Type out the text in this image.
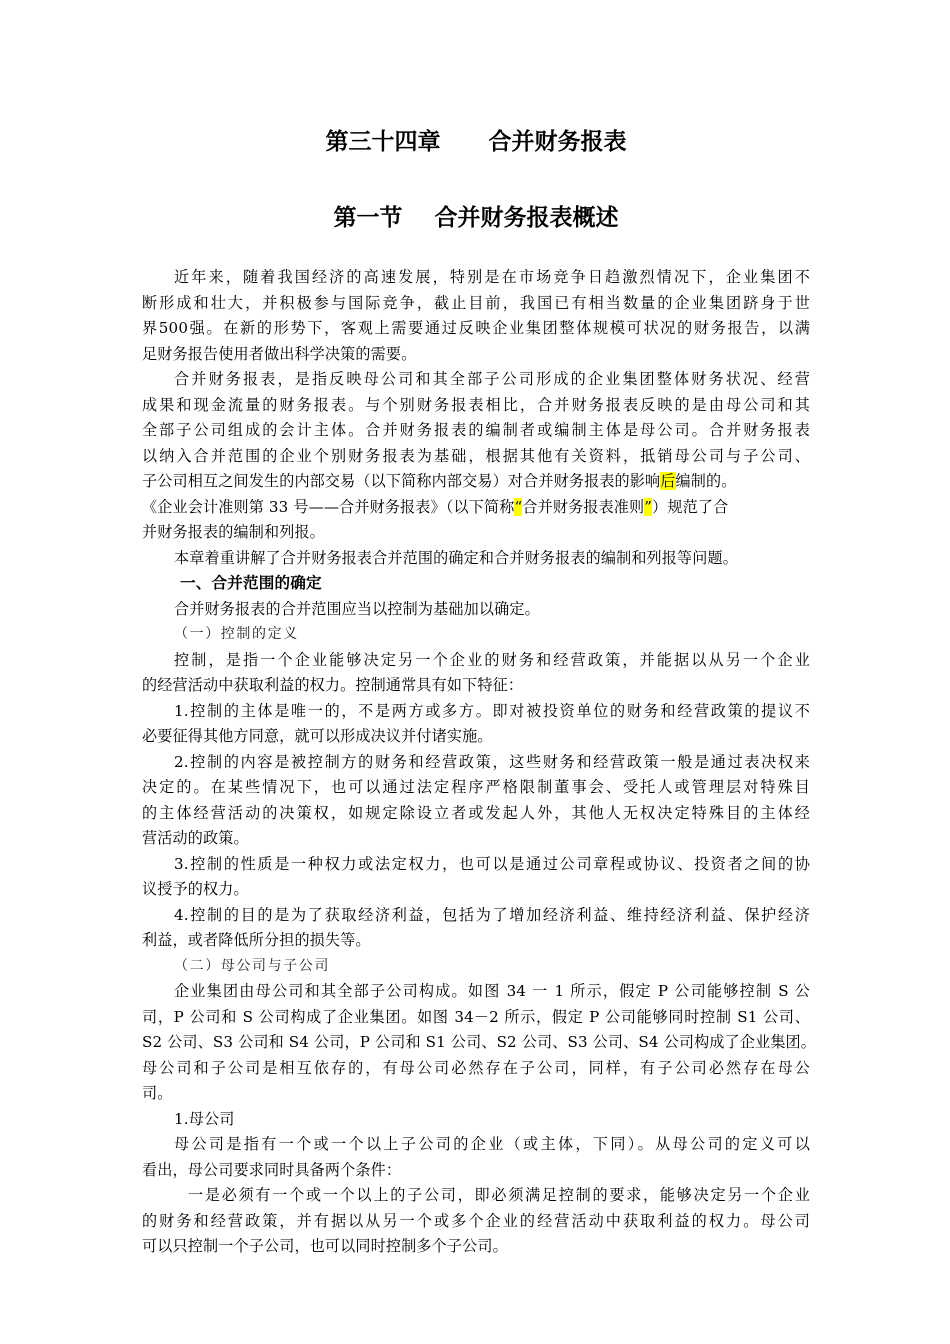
第三十四章      合并财务报表
第一节    合并财务报表概述
近年来，随着我国经济的高速发展，特别是在市场竞争日趋激烈情况下，企业集团不
断形成和壮大，并积极参与国际竞争，截止目前，我国已有相当数量的企业集团跻身于世
界500强。在新的形势下，客观上需要通过反映企业集团整体规模可状况的财务报告，以满
足财务报告使用者做出科学决策的需要。
合并财务报表，是指反映母公司和其全部子公司形成的企业集团整体财务状况、经营
成果和现金流量的财务报表。与个别财务报表相比，合并财务报表反映的是由母公司和其
全部子公司组成的会计主体。合并财务报表的编制者或编制主体是母公司。合并财务报表
以纳入合并范围的企业个别财务报表为基础，根据其他有关资料，抵销母公司与子公司、
子公司相互之间发生的内部交易（以下简称内部交易）对合并财务报表的影响后编制的。
《企业会计准则第 33 号——合并财务报表》（以下简称“合并财务报表准则”）规范了合
并财务报表的编制和列报。
本章着重讲解了合并财务报表合并范围的确定和合并财务报表的编制和列报等问题。
一、合并范围的确定
合并财务报表的合并范围应当以控制为基础加以确定。
（一）控制的定义
控制，是指一个企业能够决定另一个企业的财务和经营政策，并能据以从另一个企业
的经营活动中获取利益的权力。控制通常具有如下特征：
1.控制的主体是唯一的，不是两方或多方。即对被投资单位的财务和经营政策的提议不
必要征得其他方同意，就可以形成决议并付诸实施。
2.控制的内容是被控制方的财务和经营政策，这些财务和经营政策一般是通过表决权来
决定的。在某些情况下，也可以通过法定程序严格限制董事会、受托人或管理层对特殊目
的主体经营活动的决策权，如规定除设立者或发起人外，其他人无权决定特殊目的主体经
营活动的政策。
3.控制的性质是一种权力或法定权力，也可以是通过公司章程或协议、投资者之间的协
议授予的权力。
4.控制的目的是为了获取经济利益，包括为了增加经济利益、维持经济利益、保护经济
利益，或者降低所分担的损失等。
（二）母公司与子公司
企业集团由母公司和其全部子公司构成。如图 34 一 1 所示，假定 P 公司能够控制 S 公
司，P 公司和 S 公司构成了企业集团。如图 34－2 所示，假定 P 公司能够同时控制 S1 公司、
S2 公司、S3 公司和 S4 公司，P 公司和 S1 公司、S2 公司、S3 公司、S4 公司构成了企业集团。
母公司和子公司是相互依存的，有母公司必然存在子公司，同样，有子公司必然存在母公
司。
1.母公司
母公司是指有一个或一个以上子公司的企业（或主体，下同）。从母公司的定义可以
看出，母公司要求同时具备两个条件：
一是必须有一个或一个以上的子公司，即必须满足控制的要求，能够决定另一个企业
的财务和经营政策，并有据以从另一个或多个企业的经营活动中获取利益的权力。母公司
可以只控制一个子公司，也可以同时控制多个子公司。
